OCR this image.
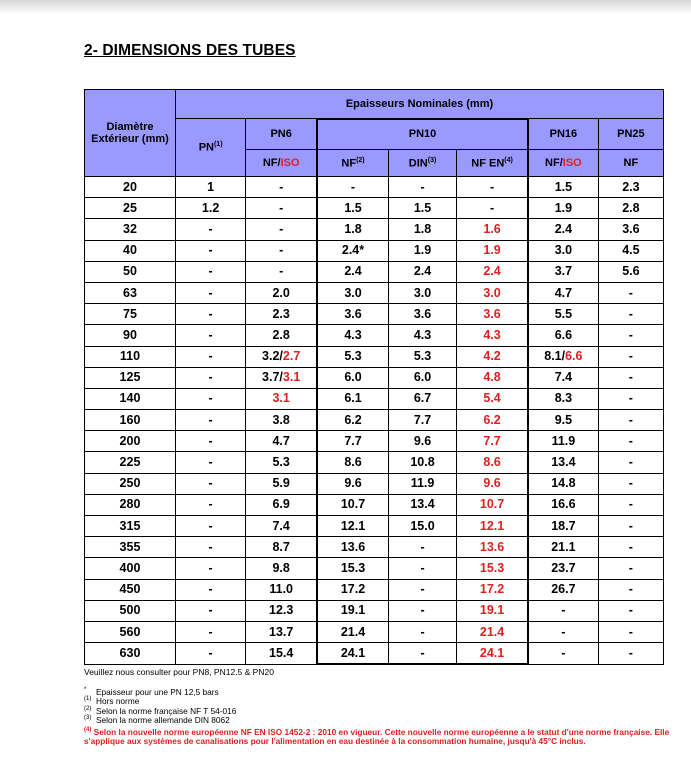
2- DIMENSIONS DES TUBES
Diamètre Extérieur (mm)	Epaisseurs Nominales (mm)						
	PN$^{(1)}$	PN6	PN10			PN16	PN25
		NF/ISO	NF$^{(2)}$	DIN$^{(3)}$	NF EN$^{(4)}$	NF/ISO	NF
20	1	-	-	-	-	1.5	2.3
25	1.2	-	1.5	1.5	-	1.9	2.8
32	-	-	1.8	1.8	1.6	2.4	3.6
40	-	-	2.4*	1.9	1.9	3.0	4.5
50	-	-	2.4	2.4	2.4	3.7	5.6
63	-	2.0	3.0	3.0	3.0	4.7	-
75	-	2.3	3.6	3.6	3.6	5.5	-
90	-	2.8	4.3	4.3	4.3	6.6	-
110	-	3.2/2.7	5.3	5.3	4.2	8.1/6.6	-
125	-	3.7/3.1	6.0	6.0	4.8	7.4	-
140	-	3.1	6.1	6.7	5.4	8.3	-
160	-	3.8	6.2	7.7	6.2	9.5	-
200	-	4.7	7.7	9.6	7.7	11.9	-
225	-	5.3	8.6	10.8	8.6	13.4	-
250	-	5.9	9.6	11.9	9.6	14.8	-
280	-	6.9	10.7	13.4	10.7	16.6	-
315	-	7.4	12.1	15.0	12.1	18.7	-
355	-	8.7	13.6	-	13.6	21.1	-
400	-	9.8	15.3	-	15.3	23.7	-
450	-	11.0	17.2	-	17.2	26.7	-
500	-	12.3	19.1	-	19.1	-	-
560	-	13.7	21.4	-	21.4	-	-
630	-	15.4	24.1	-	24.1	-	-
Veuillez nous consulter pour PN8, PN12.5 & PN20
* Epaisseur pour une PN 12,5 bars
(1) Hors norme
(2) Selon la norme française NF T 54-016
(3) Selon la norme allemande DIN 8062
$^{(4)}$ Selon la nouvelle norme européenne NF EN ISO 1452-2 : 2010 en vigueur. Cette nouvelle norme européenne a le statut d'une norme française. Elle s'applique aux systèmes de canalisations pour l'alimentation en eau destinée à la consommation humaine, jusqu'à 45°C inclus.
